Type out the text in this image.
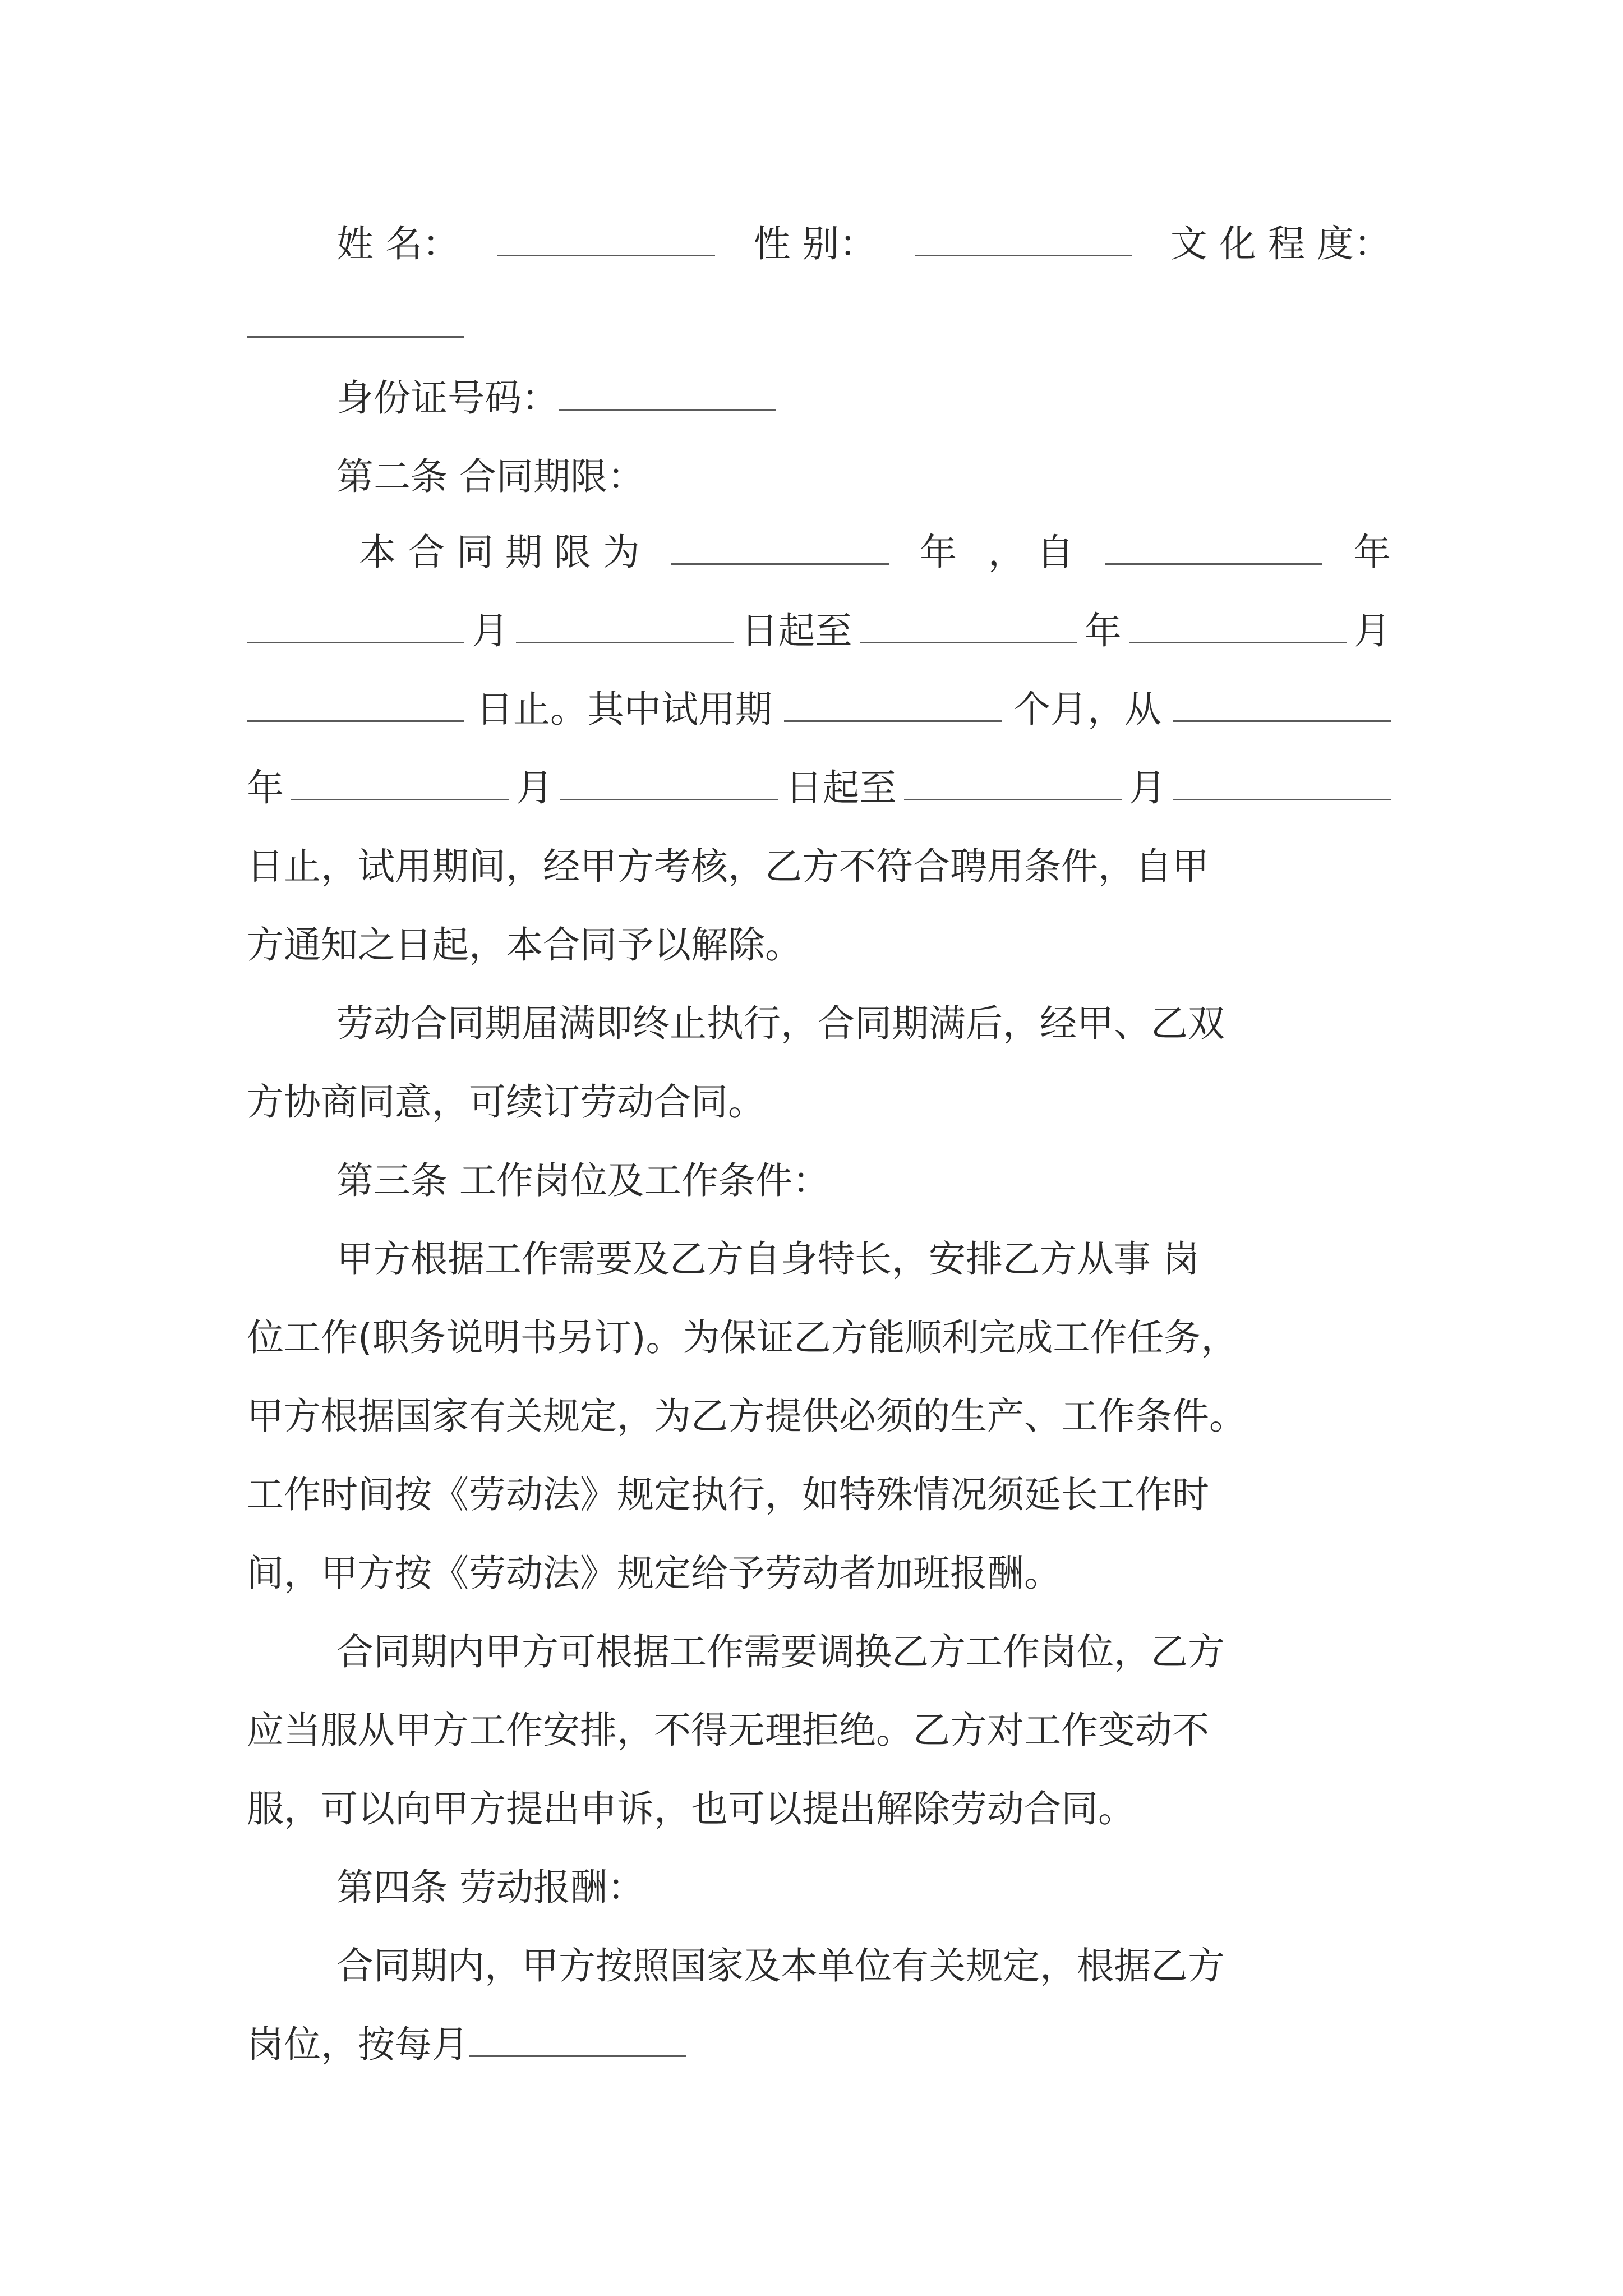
姓 名：	性 别：	文 化 程 度：
身份证号码：
第二条 合同期限：
本 合 同 期 限 为	年 ， 自	年
月	日起至	年	月
日止。其中试用期	个月，从
年	月	日起至	月
日止，试用期间，经甲方考核，乙方不符合聘用条件，自甲
方通知之日起，本合同予以解除。
劳动合同期届满即终止执行，合同期满后，经甲、乙双
方协商同意，可续订劳动合同。
第三条 工作岗位及工作条件：
甲方根据工作需要及乙方自身特长，安排乙方从事 岗
位工作(职务说明书另订)。为保证乙方能顺利完成工作任务，
甲方根据国家有关规定，为乙方提供必须的生产、工作条件。
工作时间按《劳动法》规定执行，如特殊情况须延长工作时
间，甲方按《劳动法》规定给予劳动者加班报酬。
合同期内甲方可根据工作需要调换乙方工作岗位，乙方
应当服从甲方工作安排，不得无理拒绝。乙方对工作变动不
服，可以向甲方提出申诉，也可以提出解除劳动合同。
第四条 劳动报酬：
合同期内，甲方按照国家及本单位有关规定，根据乙方
岗位，按每月
